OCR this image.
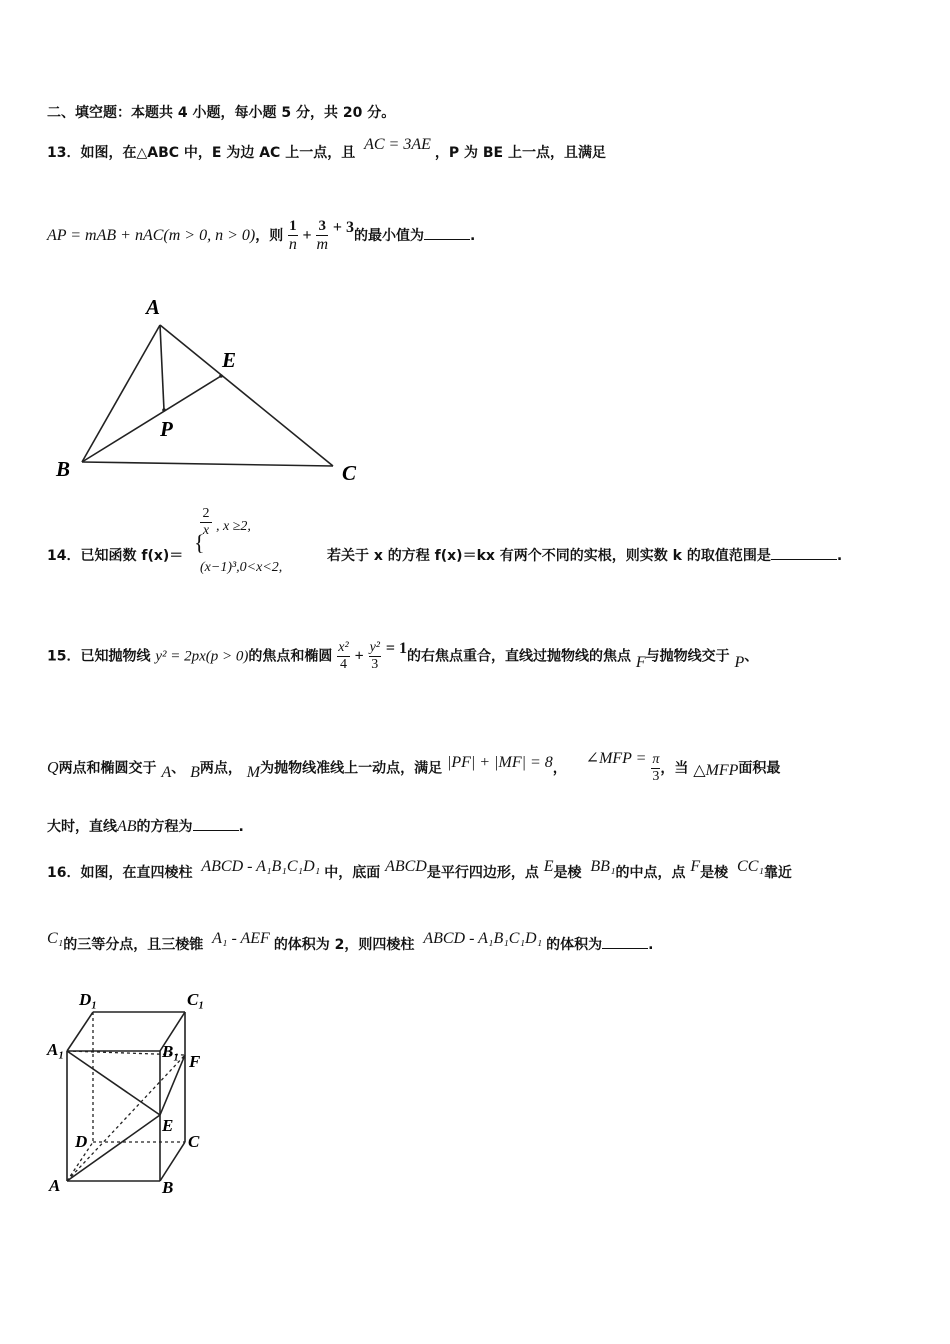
二、填空题：本题共 4 小题，每小题 5 分，共 20 分。
13．如图，在△ABC 中，E 为边 AC 上一点，且 AC = 3AE ，P 为 BE 上一点，且满足
AP = mAB + nAC(m > 0, n > 0)，则 $\frac{1}{n} + \frac{3}{m} + 3$的最小值为	.
A
E
P
B	C
14．已知函数 f(x)＝
{
2
x , x ≥2,
(x−1)³,0<x<2,
若关于 x 的方程 f(x)＝kx 有两个不同的实根，则实数 k 的取值范围是	.
15．已知抛物线 y² = 2px(p > 0)的焦点和椭圆 $\frac{\text{x²}}{4} + \frac{\text{y²}}{3} = 1$的右焦点重合，直线过抛物线的焦点 F与抛物线交于 P、
Q两点和椭圆交于 A、 B两点， M为抛物线准线上一动点，满足 |PF| + |MF| = 8， ∠MFP = $\frac{\pi}{3}$ ，当 △MFP面积最
大时，直线AB的方程为	.
16．如图，在直四棱柱 ABCD - A₁B₁C₁D₁ 中，底面 ABCD是平行四边形，点 E是棱 BB₁的中点，点 F是棱 CC₁靠近
C₁的三等分点，且三棱锥 A₁ - AEF 的体积为 2，则四棱柱 ABCD - A₁B₁C₁D₁ 的体积为	.
D₁	C₁
A₁	B₁
F
E
D	C
A	B
